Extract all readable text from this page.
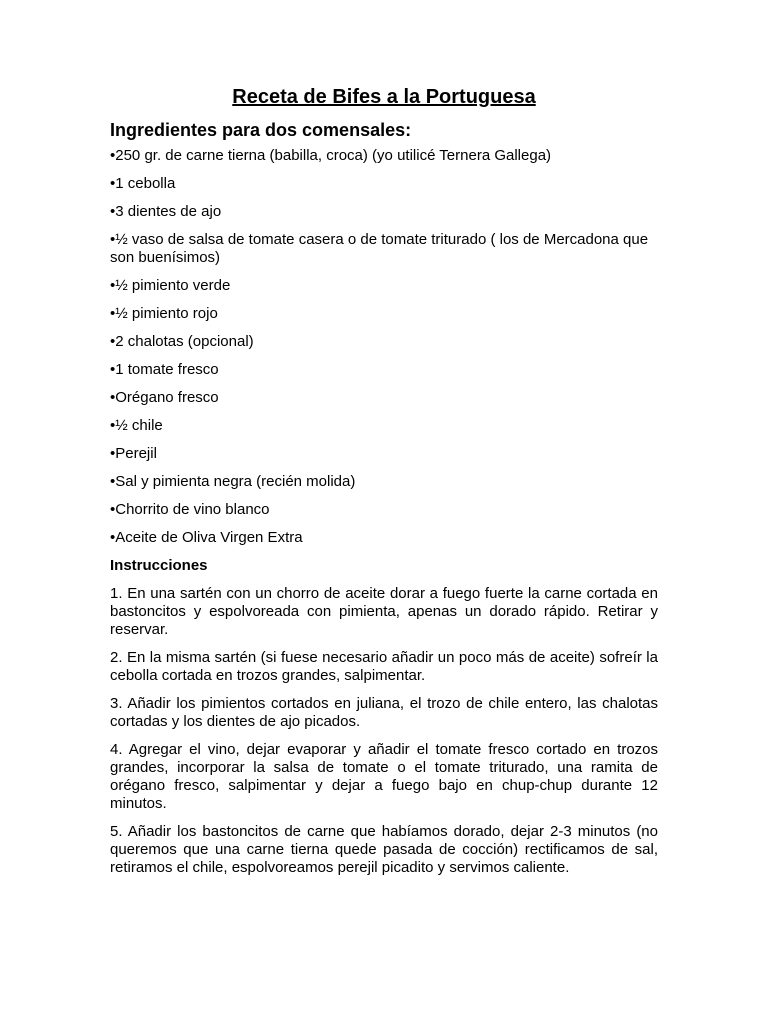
Receta de Bifes a la Portuguesa
Ingredientes para dos comensales:
•250 gr. de carne tierna (babilla, croca) (yo utilicé Ternera Gallega)
•1 cebolla
•3 dientes de ajo
•½ vaso de salsa de tomate casera o de tomate triturado ( los de Mercadona que son buenísimos)
•½ pimiento verde
•½ pimiento rojo
•2 chalotas (opcional)
•1 tomate fresco
•Orégano fresco
•½ chile
•Perejil
•Sal y pimienta negra (recién molida)
•Chorrito de vino blanco
•Aceite de Oliva Virgen Extra
Instrucciones

1. En una sartén con un chorro de aceite dorar a fuego fuerte la carne cortada en bastoncitos y espolvoreada con pimienta, apenas un dorado rápido. Retirar y reservar.

2. En la misma sartén (si fuese necesario añadir un poco más de aceite) sofreír la cebolla cortada en trozos grandes, salpimentar.

3. Añadir los pimientos cortados en juliana, el trozo de chile entero, las chalotas cortadas y los dientes de ajo picados.

4. Agregar el vino, dejar evaporar y añadir el tomate fresco cortado en trozos grandes, incorporar la salsa de tomate o el tomate triturado, una ramita de orégano fresco, salpimentar y dejar a fuego bajo en chup-chup durante 12 minutos.

5. Añadir los bastoncitos de carne que habíamos dorado, dejar 2-3 minutos (no queremos que una carne tierna quede pasada de cocción) rectificamos de sal, retiramos el chile, espolvoreamos perejil picadito y servimos caliente.
